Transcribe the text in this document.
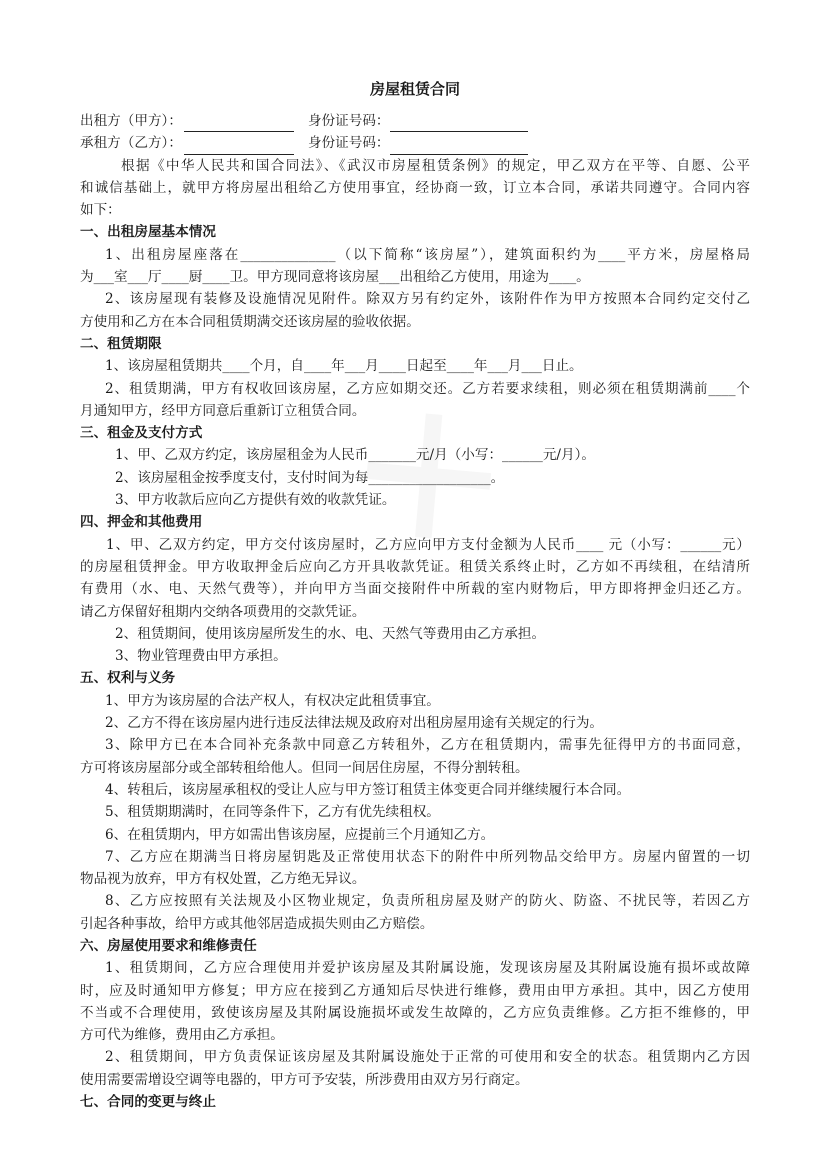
房屋租赁合同
出租方（甲方）：	身份证号码：
承租方（乙方）：	身份证号码：
根据《中华人民共和国合同法》、《武汉市房屋租赁条例》的规定，甲乙双方在平等、自愿、公平
和诚信基础上，就甲方将房屋出租给乙方使用事宜，经协商一致，订立本合同，承诺共同遵守。合同内容
如下：
一、出租房屋基本情况
1、出租房屋座落在______________（以下简称“该房屋”），建筑面积约为____平方米，房屋格局
为___室___厅____厨____卫。甲方现同意将该房屋___出租给乙方使用，用途为____。
2、该房屋现有装修及设施情况见附件。除双方另有约定外，该附件作为甲方按照本合同约定交付乙
方使用和乙方在本合同租赁期满交还该房屋的验收依据。
二、租赁期限
1、该房屋租赁期共____个月，自____年___月____日起至____年___月___日止。
2、租赁期满，甲方有权收回该房屋，乙方应如期交还。乙方若要求续租，则必须在租赁期满前____个
月通知甲方，经甲方同意后重新订立租赁合同。
三、租金及支付方式
1、甲、乙双方约定，该房屋租金为人民币_______元/月（小写：______元/月）。
2、该房屋租金按季度支付，支付时间为每__________________。
3、甲方收款后应向乙方提供有效的收款凭证。
四、押金和其他费用
1、甲、乙双方约定，甲方交付该房屋时，乙方应向甲方支付金额为人民币____ 元（小写：______元）
的房屋租赁押金。甲方收取押金后应向乙方开具收款凭证。租赁关系终止时，乙方如不再续租，在结清所
有费用（水、电、天然气费等），并向甲方当面交接附件中所载的室内财物后，甲方即将押金归还乙方。
请乙方保留好租期内交纳各项费用的交款凭证。
2、租赁期间，使用该房屋所发生的水、电、天然气等费用由乙方承担。
3、物业管理费由甲方承担。
五、权利与义务
1、甲方为该房屋的合法产权人，有权决定此租赁事宜。
2、乙方不得在该房屋内进行违反法律法规及政府对出租房屋用途有关规定的行为。
3、除甲方已在本合同补充条款中同意乙方转租外，乙方在租赁期内，需事先征得甲方的书面同意，
方可将该房屋部分或全部转租给他人。但同一间居住房屋，不得分割转租。
4、转租后，该房屋承租权的受让人应与甲方签订租赁主体变更合同并继续履行本合同。
5、租赁期期满时，在同等条件下，乙方有优先续租权。
6、在租赁期内，甲方如需出售该房屋，应提前三个月通知乙方。
7、乙方应在期满当日将房屋钥匙及正常使用状态下的附件中所列物品交给甲方。房屋内留置的一切
物品视为放弃，甲方有权处置，乙方绝无异议。
8、乙方应按照有关法规及小区物业规定，负责所租房屋及财产的防火、防盗、不扰民等，若因乙方
引起各种事故，给甲方或其他邻居造成损失则由乙方赔偿。
六、房屋使用要求和维修责任
1、租赁期间，乙方应合理使用并爱护该房屋及其附属设施，发现该房屋及其附属设施有损坏或故障
时，应及时通知甲方修复；甲方应在接到乙方通知后尽快进行维修，费用由甲方承担。其中，因乙方使用
不当或不合理使用，致使该房屋及其附属设施损坏或发生故障的，乙方应负责维修。乙方拒不维修的，甲
方可代为维修，费用由乙方承担。
2、租赁期间，甲方负责保证该房屋及其附属设施处于正常的可使用和安全的状态。租赁期内乙方因
使用需要需增设空调等电器的，甲方可予安装，所涉费用由双方另行商定。
七、合同的变更与终止
